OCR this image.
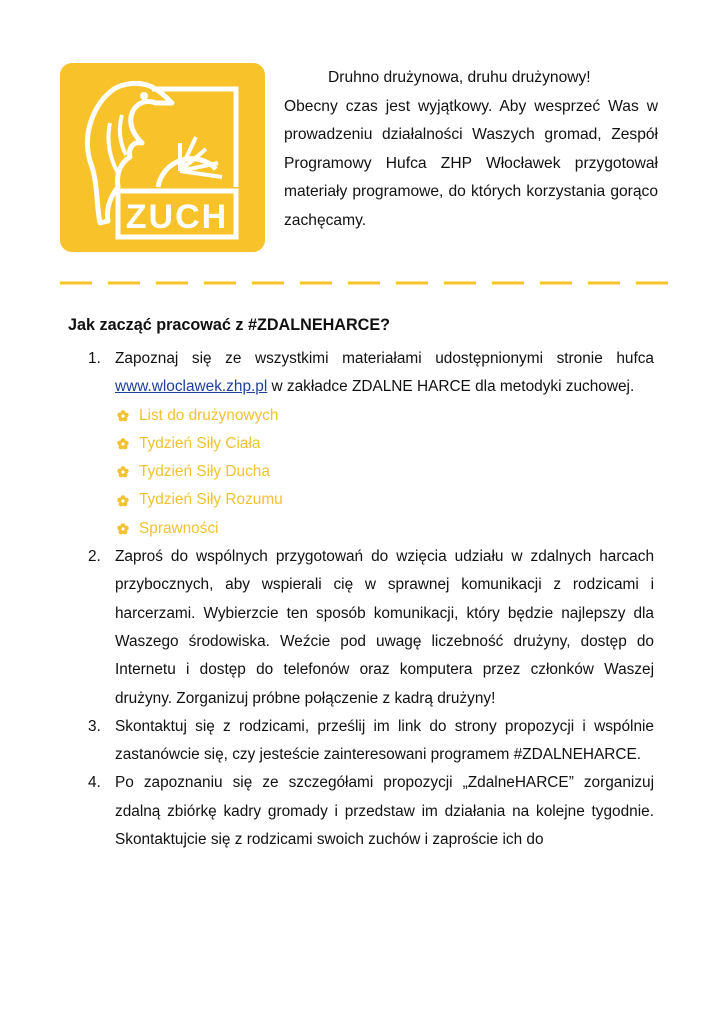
ZUCH
Druhno drużynowa, druhu drużynowy!
Obecny czas jest wyjątkowy. Aby wesprzeć Was w prowadzeniu działalności Waszych gromad, Zespół Programowy Hufca ZHP Włocławek przygotował materiały programowe, do których korzystania gorąco zachęcamy.
Jak zacząć pracować z #ZDALNEHARCE?
1. Zapoznaj się ze wszystkimi materiałami udostępnionymi stronie hufca www.wloclawek.zhp.pl w zakładce ZDALNE HARCE dla metodyki zuchowej.
List do drużynowych
Tydzień Siły Ciała
Tydzień Siły Ducha
Tydzień Siły Rozumu
Sprawności
2. Zaproś do wspólnych przygotowań do wzięcia udziału w zdalnych harcach przybocznych, aby wspierali cię w sprawnej komunikacji z rodzicami i harcerzami. Wybierzcie ten sposób komunikacji, który będzie najlepszy dla Waszego środowiska. Weźcie pod uwagę liczebność drużyny, dostęp do Internetu i dostęp do telefonów oraz komputera przez członków Waszej drużyny. Zorganizuj próbne połączenie z kadrą drużyny!
3. Skontaktuj się z rodzicami, prześlij im link do strony propozycji i wspólnie zastanówcie się, czy jesteście zainteresowani programem #ZDALNEHARCE.
4. Po zapoznaniu się ze szczegółami propozycji „ZdalneHARCE” zorganizuj zdalną zbiórkę kadry gromady i przedstaw im działania na kolejne tygodnie. Skontaktujcie się z rodzicami swoich zuchów i zaproście ich do
